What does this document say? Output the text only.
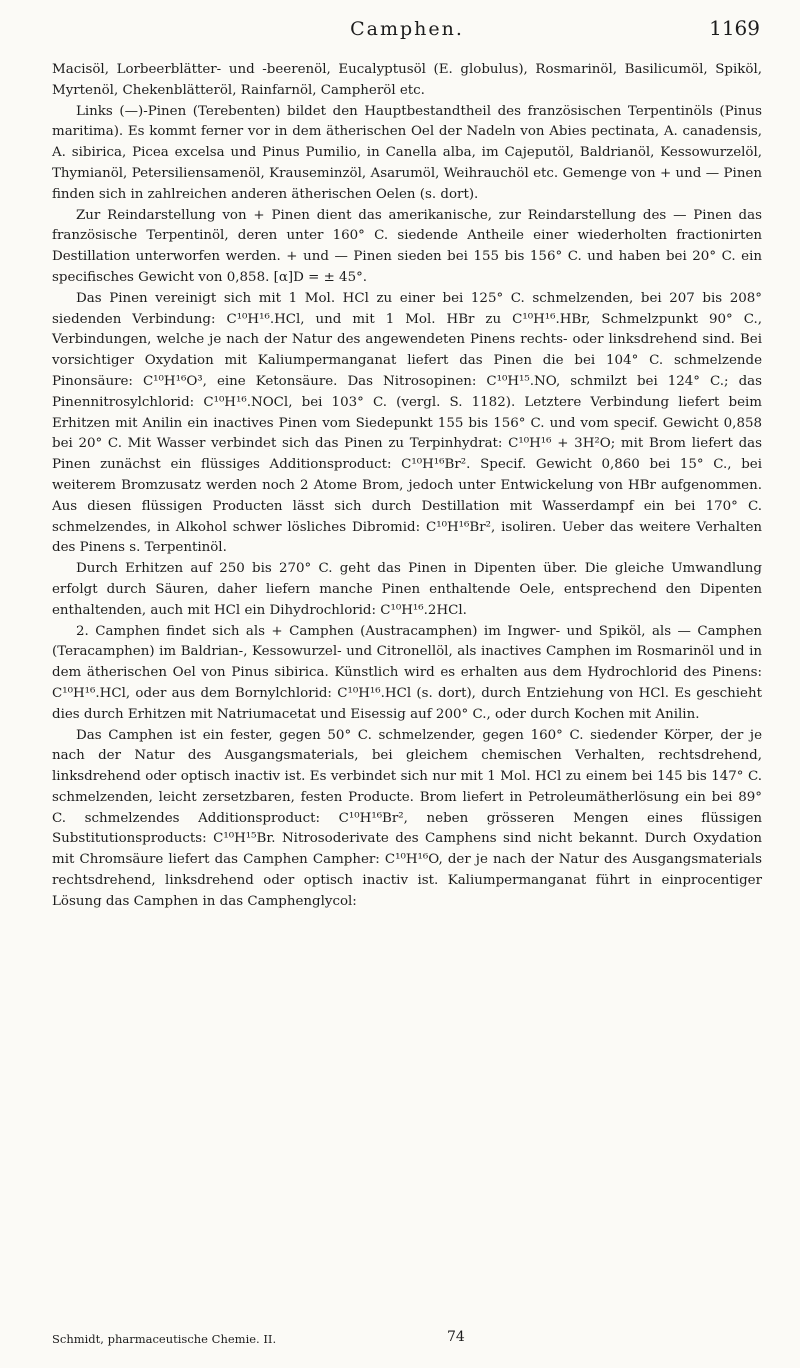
Camphen.	1169

Macisöl, Lorbeerblätter- und -beerenöl, Eucalyptusöl (E. globulus), Rosmarinöl, Basilicumöl, Spiköl, Myrtenöl, Chekenblätteröl, Rainfarnöl, Campheröl etc.

Links (—)-Pinen (Terebenten) bildet den Hauptbestandtheil des französischen Terpentinöls (Pinus maritima). Es kommt ferner vor in dem ätherischen Oel der Nadeln von Abies pectinata, A. canadensis, A. sibirica, Picea excelsa und Pinus Pumilio, in Canella alba, im Cajeputöl, Baldrianöl, Kessowurzelöl, Thymianöl, Petersiliensamenöl, Krauseminzöl, Asarumöl, Weihrauchöl etc. Gemenge von + und — Pinen finden sich in zahlreichen anderen ätherischen Oelen (s. dort).

Zur Reindarstellung von + Pinen dient das amerikanische, zur Reindarstellung des — Pinen das französische Terpentinöl, deren unter 160° C. siedende Antheile einer wiederholten fractionirten Destillation unterworfen werden. + und — Pinen sieden bei 155 bis 156° C. und haben bei 20° C. ein specifisches Gewicht von 0,858. [α]D = ± 45°.

Das Pinen vereinigt sich mit 1 Mol. HCl zu einer bei 125° C. schmelzenden, bei 207 bis 208° siedenden Verbindung: C¹⁰H¹⁶.HCl, und mit 1 Mol. HBr zu C¹⁰H¹⁶.HBr, Schmelzpunkt 90° C., Verbindungen, welche je nach der Natur des angewendeten Pinens rechts- oder linksdrehend sind. Bei vorsichtiger Oxydation mit Kaliumpermanganat liefert das Pinen die bei 104° C. schmelzende Pinonsäure: C¹⁰H¹⁶O³, eine Ketonsäure. Das Nitrosopinen: C¹⁰H¹⁵.NO, schmilzt bei 124° C.; das Pinennitrosylchlorid: C¹⁰H¹⁶.NOCl, bei 103° C. (vergl. S. 1182). Letztere Verbindung liefert beim Erhitzen mit Anilin ein inactives Pinen vom Siedepunkt 155 bis 156° C. und vom specif. Gewicht 0,858 bei 20° C. Mit Wasser verbindet sich das Pinen zu Terpinhydrat: C¹⁰H¹⁶ + 3H²O; mit Brom liefert das Pinen zunächst ein flüssiges Additionsproduct: C¹⁰H¹⁶Br². Specif. Gewicht 0,860 bei 15° C., bei weiterem Bromzusatz werden noch 2 Atome Brom, jedoch unter Entwickelung von HBr aufgenommen. Aus diesen flüssigen Producten lässt sich durch Destillation mit Wasserdampf ein bei 170° C. schmelzendes, in Alkohol schwer lösliches Dibromid: C¹⁰H¹⁶Br², isoliren. Ueber das weitere Verhalten des Pinens s. Terpentinöl.

Durch Erhitzen auf 250 bis 270° C. geht das Pinen in Dipenten über. Die gleiche Umwandlung erfolgt durch Säuren, daher liefern manche Pinen enthaltende Oele, entsprechend den Dipenten enthaltenden, auch mit HCl ein Dihydrochlorid: C¹⁰H¹⁶.2HCl.

2. Camphen findet sich als + Camphen (Austracamphen) im Ingwer- und Spiköl, als — Camphen (Teracamphen) im Baldrian-, Kessowurzel- und Citronellöl, als inactives Camphen im Rosmarinöl und in dem ätherischen Oel von Pinus sibirica. Künstlich wird es erhalten aus dem Hydrochlorid des Pinens: C¹⁰H¹⁶.HCl, oder aus dem Bornylchlorid: C¹⁰H¹⁶.HCl (s. dort), durch Entziehung von HCl. Es geschieht dies durch Erhitzen mit Natriumacetat und Eisessig auf 200° C., oder durch Kochen mit Anilin.

Das Camphen ist ein fester, gegen 50° C. schmelzender, gegen 160° C. siedender Körper, der je nach der Natur des Ausgangsmaterials, bei gleichem chemischen Verhalten, rechtsdrehend, linksdrehend oder optisch inactiv ist. Es verbindet sich nur mit 1 Mol. HCl zu einem bei 145 bis 147° C. schmelzenden, leicht zersetzbaren, festen Producte. Brom liefert in Petroleumätherlösung ein bei 89° C. schmelzendes Additionsproduct: C¹⁰H¹⁶Br², neben grösseren Mengen eines flüssigen Substitutionsproducts: C¹⁰H¹⁵Br. Nitrosoderivate des Camphens sind nicht bekannt. Durch Oxydation mit Chromsäure liefert das Camphen Campher: C¹⁰H¹⁶O, der je nach der Natur des Ausgangsmaterials rechtsdrehend, linksdrehend oder optisch inactiv ist. Kaliumpermanganat führt in einprocentiger Lösung das Camphen in das Camphenglycol:

Schmidt, pharmaceutische Chemie. II.	74
